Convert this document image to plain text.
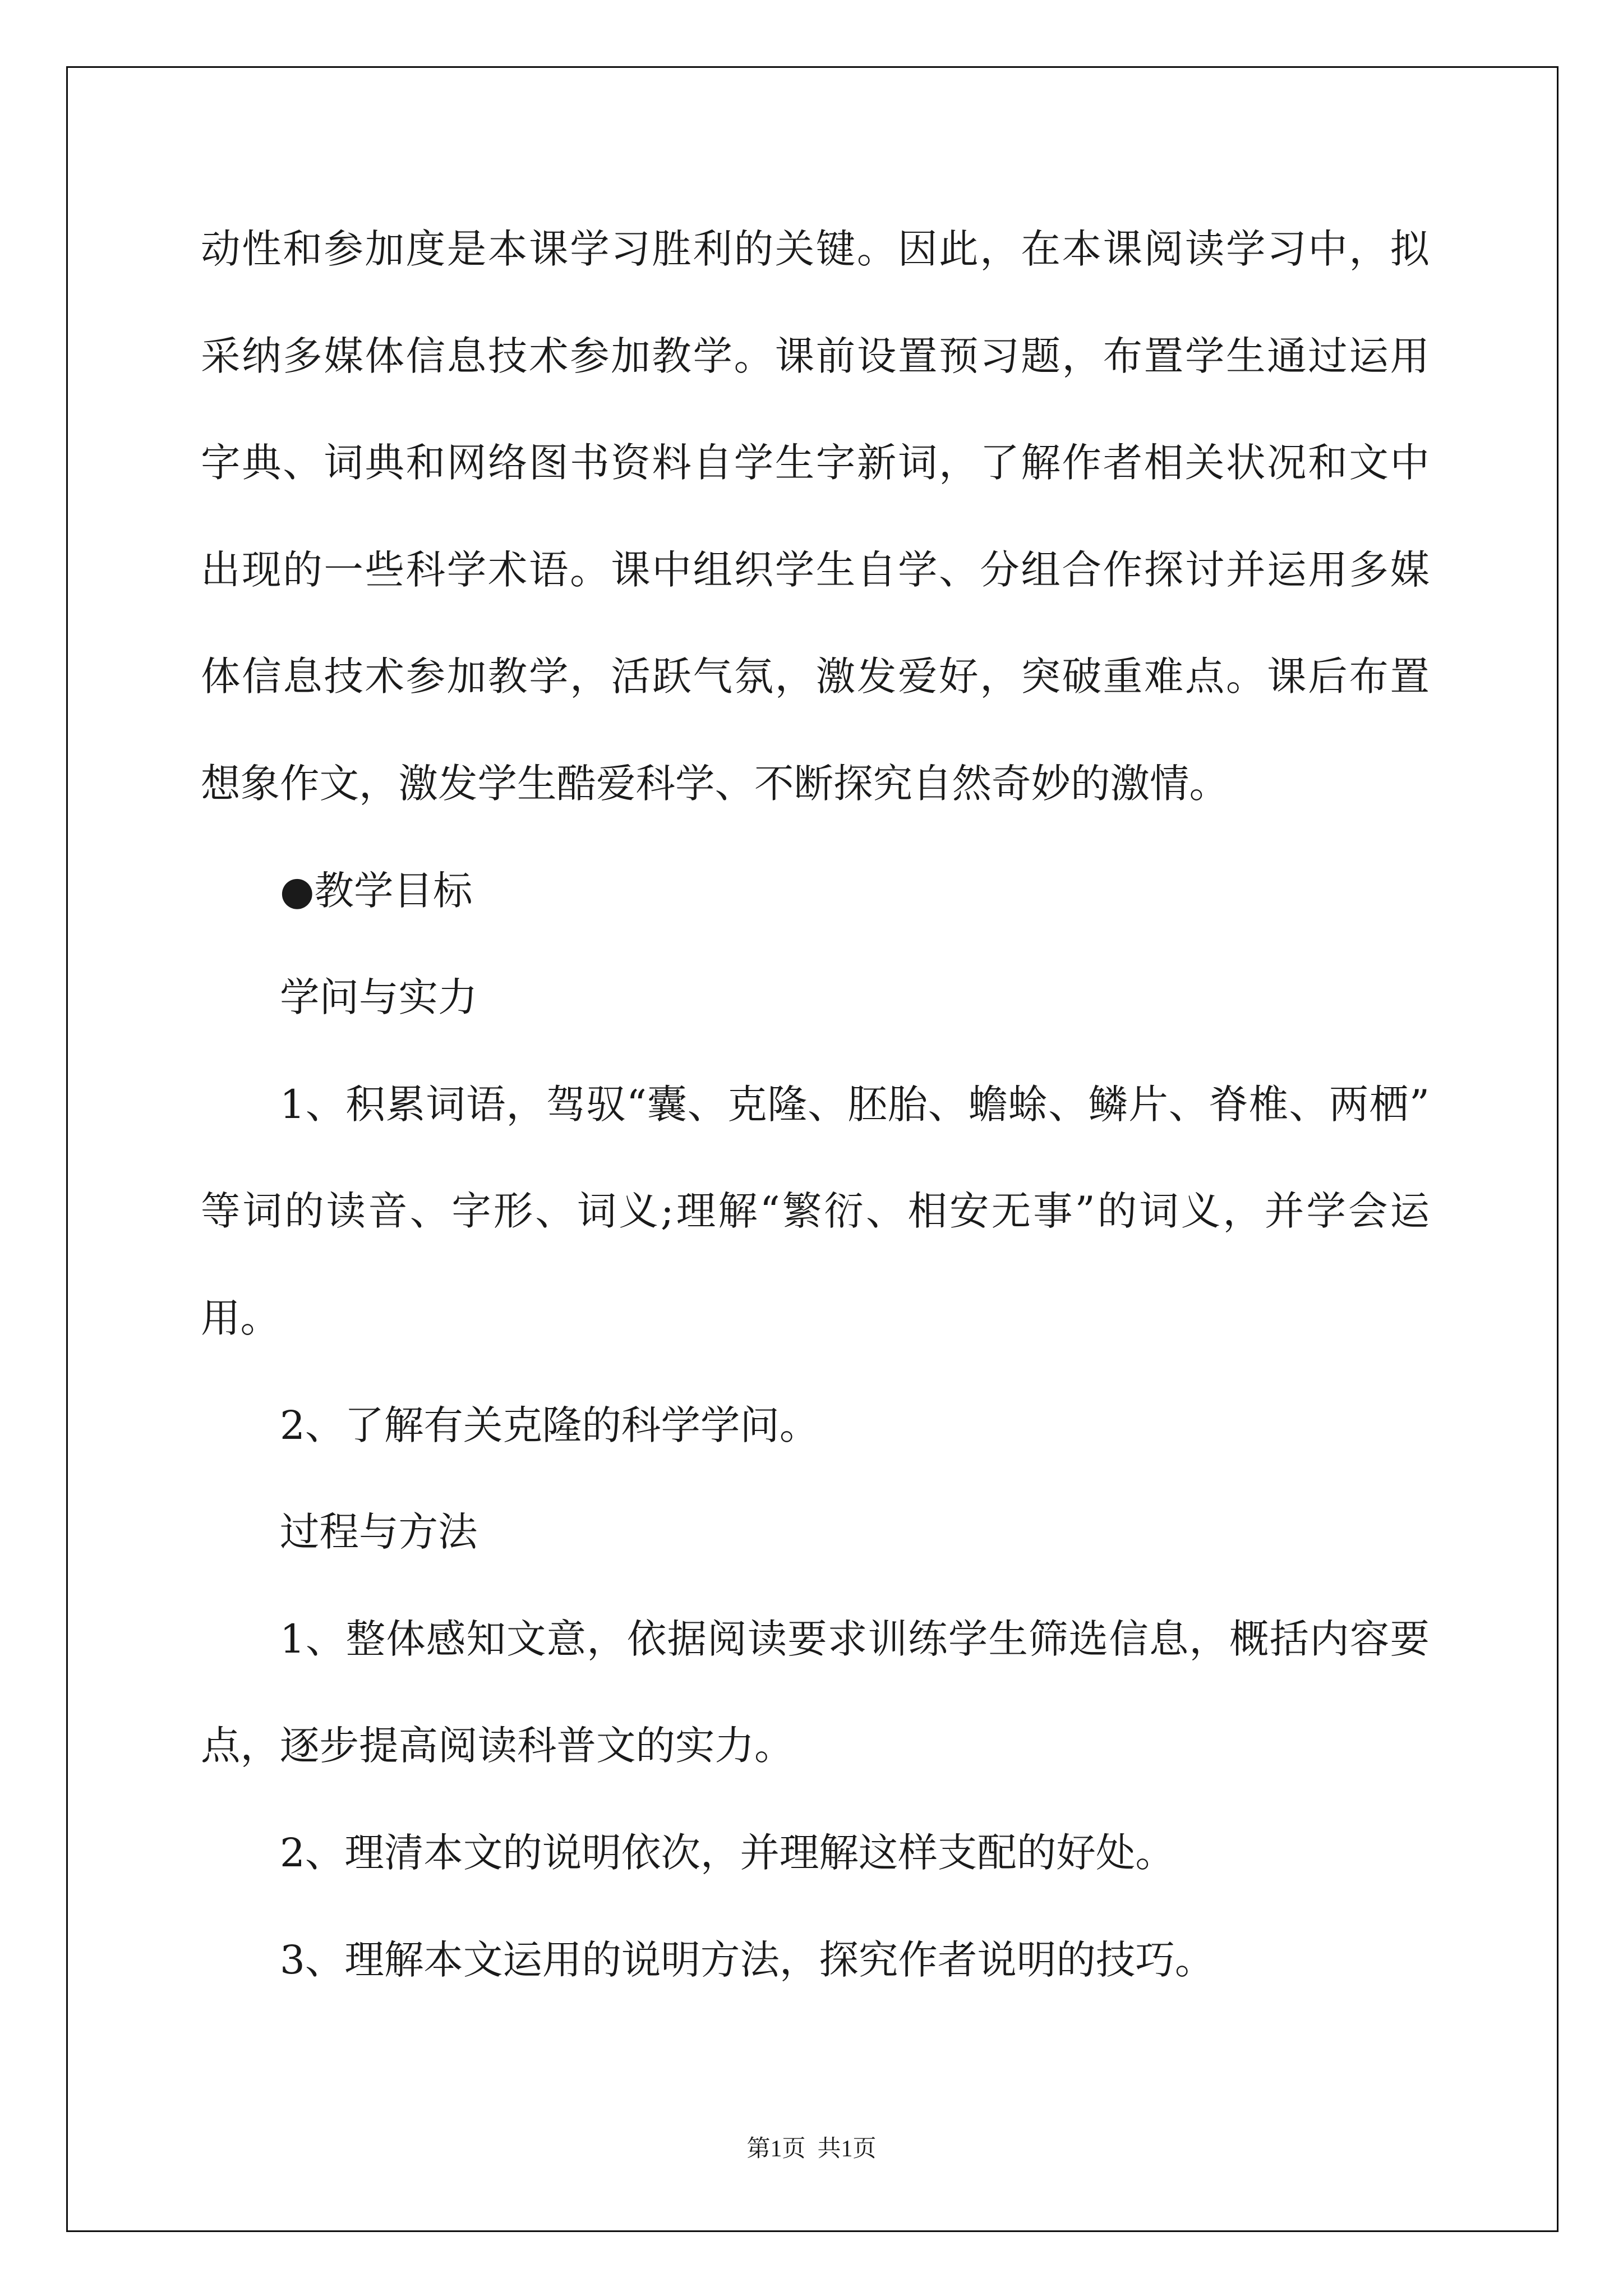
动性和参加度是本课学习胜利的关键。因此，在本课阅读学习中，拟
采纳多媒体信息技术参加教学。课前设置预习题，布置学生通过运用
字典、词典和网络图书资料自学生字新词，了解作者相关状况和文中
出现的一些科学术语。课中组织学生自学、分组合作探讨并运用多媒
体信息技术参加教学，活跃气氛，激发爱好，突破重难点。课后布置
想象作文，激发学生酷爱科学、不断探究自然奇妙的激情。
●教学目标
学问与实力
1、积累词语，驾驭“囊、克隆、胚胎、蟾蜍、鳞片、脊椎、两栖”
等词的读音、字形、词义;理解“繁衍、相安无事”的词义，并学会运
用。
2、了解有关克隆的科学学问。
过程与方法
1、整体感知文意，依据阅读要求训练学生筛选信息，概括内容要
点，逐步提高阅读科普文的实力。
2、理清本文的说明依次，并理解这样支配的好处。
3、理解本文运用的说明方法，探究作者说明的技巧。
第1页  共1页
